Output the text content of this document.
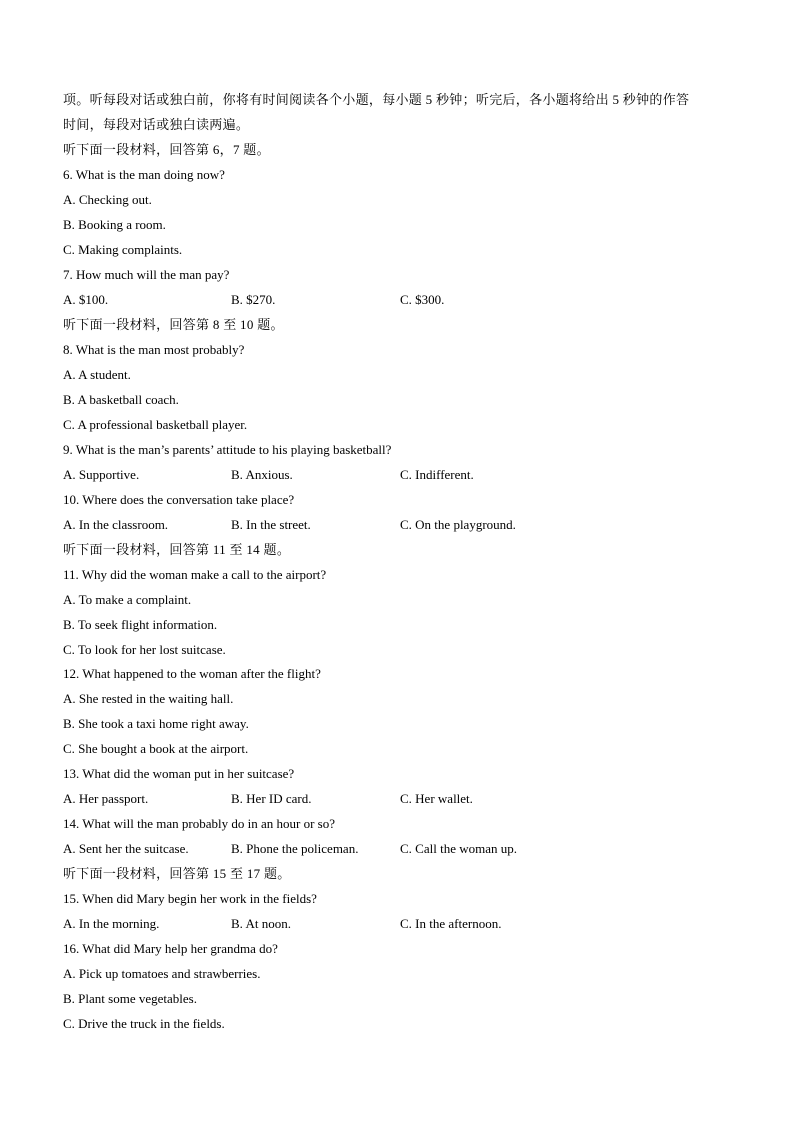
项。听每段对话或独白前，你将有时间阅读各个小题，每小题 5 秒钟；听完后，各小题将给出 5 秒钟的作答
时间，每段对话或独白读两遍。
听下面一段材料，回答第 6，7 题。
6. What is the man doing now?
A. Checking out.
B. Booking a room.
C. Making complaints.
7. How much will the man pay?
A. $100.	B. $270.	C. $300.
听下面一段材料，回答第 8 至 10 题。
8. What is the man most probably?
A. A student.
B. A basketball coach.
C. A professional basketball player.
9. What is the man’s parents’ attitude to his playing basketball?
A. Supportive.	B. Anxious.	C. Indifferent.
10. Where does the conversation take place?
A. In the classroom.	B. In the street.	C. On the playground.
听下面一段材料，回答第 11 至 14 题。
11. Why did the woman make a call to the airport?
A. To make a complaint.
B. To seek flight information.
C. To look for her lost suitcase.
12. What happened to the woman after the flight?
A. She rested in the waiting hall.
B. She took a taxi home right away.
C. She bought a book at the airport.
13. What did the woman put in her suitcase?
A. Her passport.	B. Her ID card.	C. Her wallet.
14. What will the man probably do in an hour or so?
A. Sent her the suitcase.	B. Phone the policeman.	C. Call the woman up.
听下面一段材料，回答第 15 至 17 题。
15. When did Mary begin her work in the fields?
A. In the morning.	B. At noon.	C. In the afternoon.
16. What did Mary help her grandma do?
A. Pick up tomatoes and strawberries.
B. Plant some vegetables.
C. Drive the truck in the fields.
